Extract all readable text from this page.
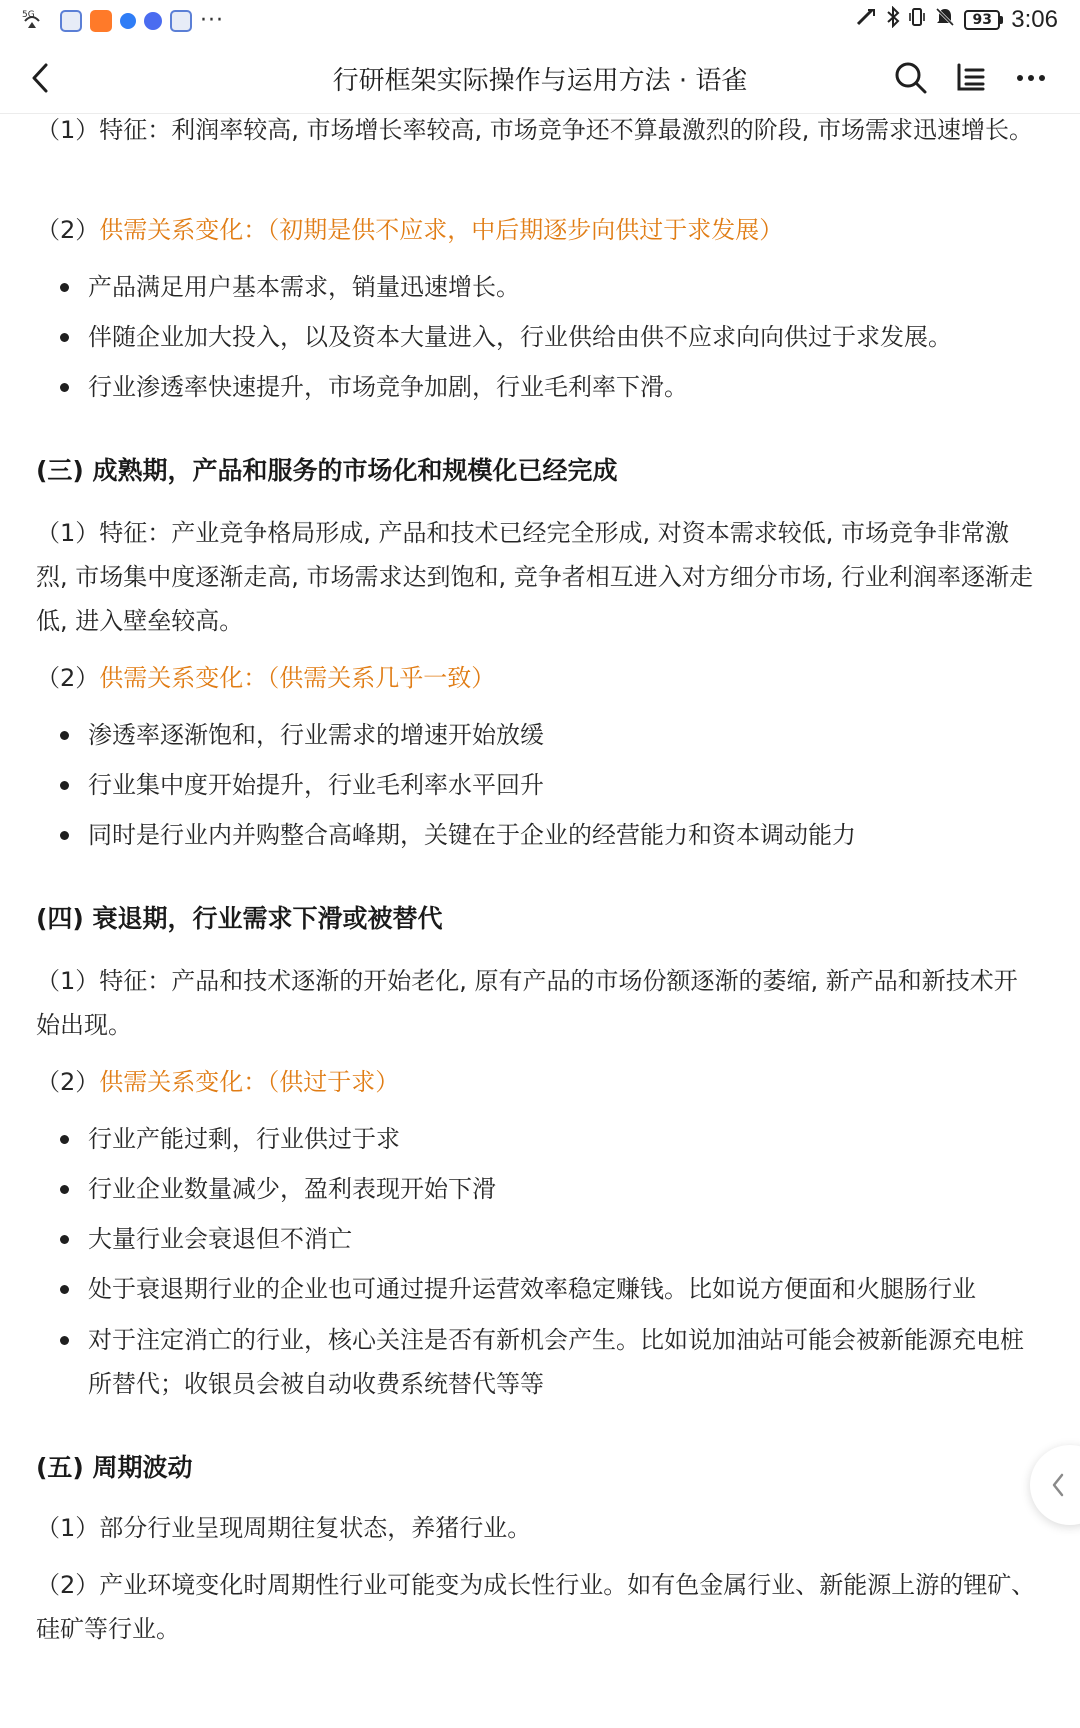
5G	···	93 3:06
行研框架实际操作与运用方法 · 语雀
（1）特征：利润率较高, 市场增长率较高, 市场竞争还不算最激烈的阶段, 市场需求迅速增长。
（2）供需关系变化：（初期是供不应求，中后期逐步向供过于求发展）
产品满足用户基本需求，销量迅速增长。
伴随企业加大投入，以及资本大量进入，行业供给由供不应求向向供过于求发展。
行业渗透率快速提升，市场竞争加剧，行业毛利率下滑。
(三) 成熟期，产品和服务的市场化和规模化已经完成
（1）特征：产业竞争格局形成, 产品和技术已经完全形成, 对资本需求较低, 市场竞争非常激烈, 市场集中度逐渐走高, 市场需求达到饱和, 竞争者相互进入对方细分市场, 行业利润率逐渐走低, 进入壁垒较高。
（2）供需关系变化：（供需关系几乎一致）
渗透率逐渐饱和，行业需求的增速开始放缓
行业集中度开始提升，行业毛利率水平回升
同时是行业内并购整合高峰期，关键在于企业的经营能力和资本调动能力
(四) 衰退期，行业需求下滑或被替代
（1）特征：产品和技术逐渐的开始老化, 原有产品的市场份额逐渐的萎缩, 新产品和新技术开始出现。
（2）供需关系变化：（供过于求）
行业产能过剩，行业供过于求
行业企业数量减少，盈利表现开始下滑
大量行业会衰退但不消亡
处于衰退期行业的企业也可通过提升运营效率稳定赚钱。比如说方便面和火腿肠行业
对于注定消亡的行业，核心关注是否有新机会产生。比如说加油站可能会被新能源充电桩所替代；收银员会被自动收费系统替代等等
(五) 周期波动
（1）部分行业呈现周期往复状态，养猪行业。
（2）产业环境变化时周期性行业可能变为成长性行业。如有色金属行业、新能源上游的锂矿、硅矿等行业。
